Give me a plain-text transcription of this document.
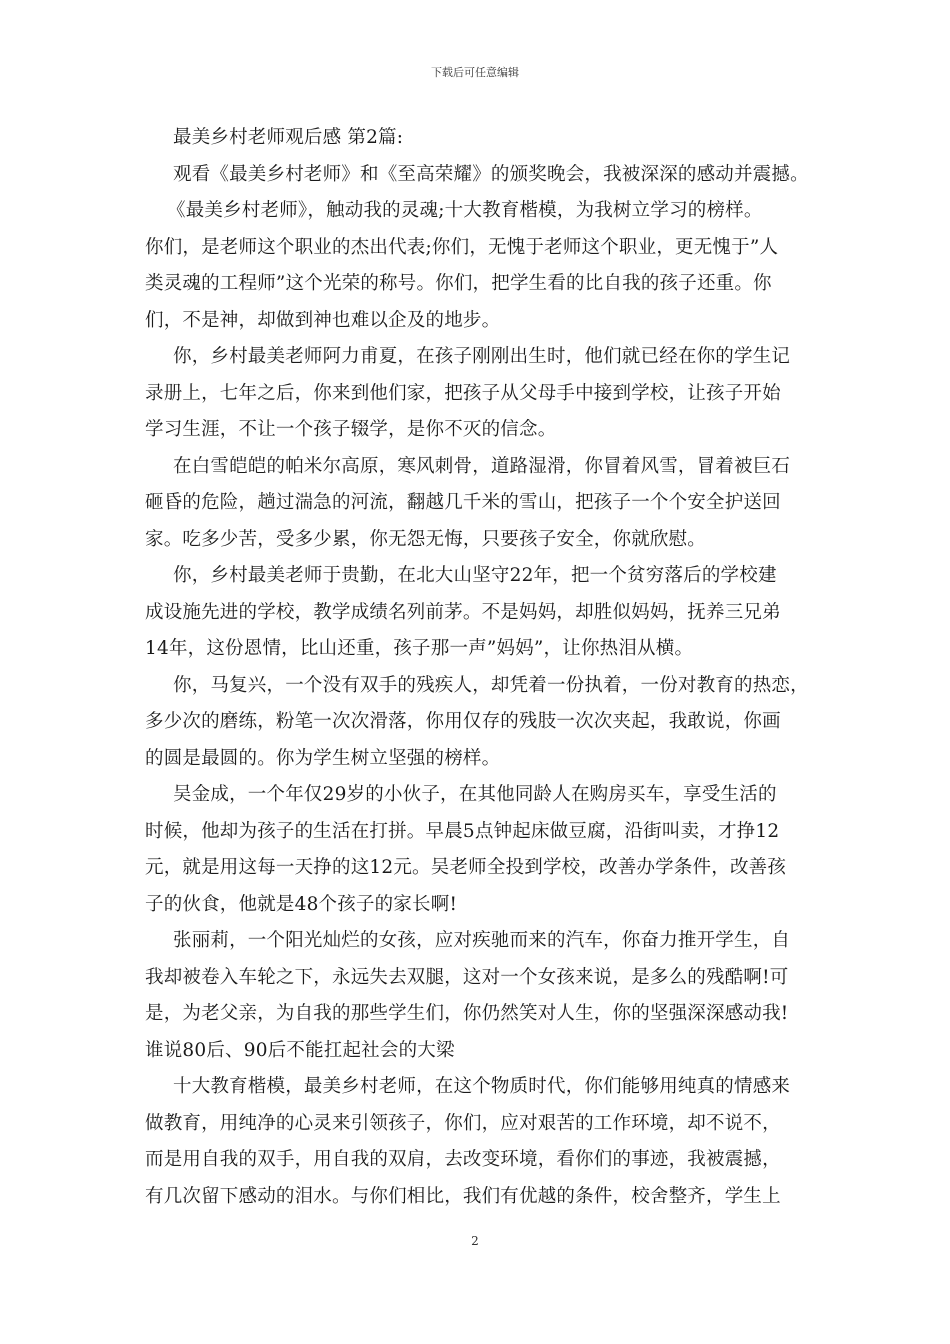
下载后可任意编辑
最美乡村老师观后感 第2篇:
观看《最美乡村老师》和《至高荣耀》的颁奖晚会，我被深深的感动并震撼。
《最美乡村老师》，触动我的灵魂;十大教育楷模，为我树立学习的榜样。
你们，是老师这个职业的杰出代表;你们，无愧于老师这个职业，更无愧于”人
类灵魂的工程师”这个光荣的称号。你们，把学生看的比自我的孩子还重。你
们，不是神，却做到神也难以企及的地步。
你，乡村最美老师阿力甫夏，在孩子刚刚出生时，他们就已经在你的学生记
录册上，七年之后，你来到他们家，把孩子从父母手中接到学校，让孩子开始
学习生涯，不让一个孩子辍学，是你不灭的信念。
在白雪皑皑的帕米尔高原，寒风刺骨，道路湿滑，你冒着风雪，冒着被巨石
砸昏的危险，趟过湍急的河流，翻越几千米的雪山，把孩子一个个安全护送回
家。吃多少苦，受多少累，你无怨无悔，只要孩子安全，你就欣慰。
你，乡村最美老师于贵勤，在北大山坚守22年，把一个贫穷落后的学校建
成设施先进的学校，教学成绩名列前茅。不是妈妈，却胜似妈妈，抚养三兄弟
14年，这份恩情，比山还重，孩子那一声”妈妈”，让你热泪从横。
你，马复兴，一个没有双手的残疾人，却凭着一份执着，一份对教育的热恋，
多少次的磨练，粉笔一次次滑落，你用仅存的残肢一次次夹起，我敢说，你画
的圆是最圆的。你为学生树立坚强的榜样。
吴金成，一个年仅29岁的小伙子，在其他同龄人在购房买车，享受生活的
时候，他却为孩子的生活在打拼。早晨5点钟起床做豆腐，沿街叫卖，才挣12
元，就是用这每一天挣的这12元。吴老师全投到学校，改善办学条件，改善孩
子的伙食，他就是48个孩子的家长啊!
张丽莉，一个阳光灿烂的女孩，应对疾驰而来的汽车，你奋力推开学生，自
我却被卷入车轮之下，永远失去双腿，这对一个女孩来说，是多么的残酷啊!可
是，为老父亲，为自我的那些学生们，你仍然笑对人生，你的坚强深深感动我!
谁说80后、90后不能扛起社会的大梁
十大教育楷模，最美乡村老师，在这个物质时代，你们能够用纯真的情感来
做教育，用纯净的心灵来引领孩子，你们，应对艰苦的工作环境，却不说不，
而是用自我的双手，用自我的双肩，去改变环境，看你们的事迹，我被震撼，
有几次留下感动的泪水。与你们相比，我们有优越的条件，校舍整齐，学生上
2
